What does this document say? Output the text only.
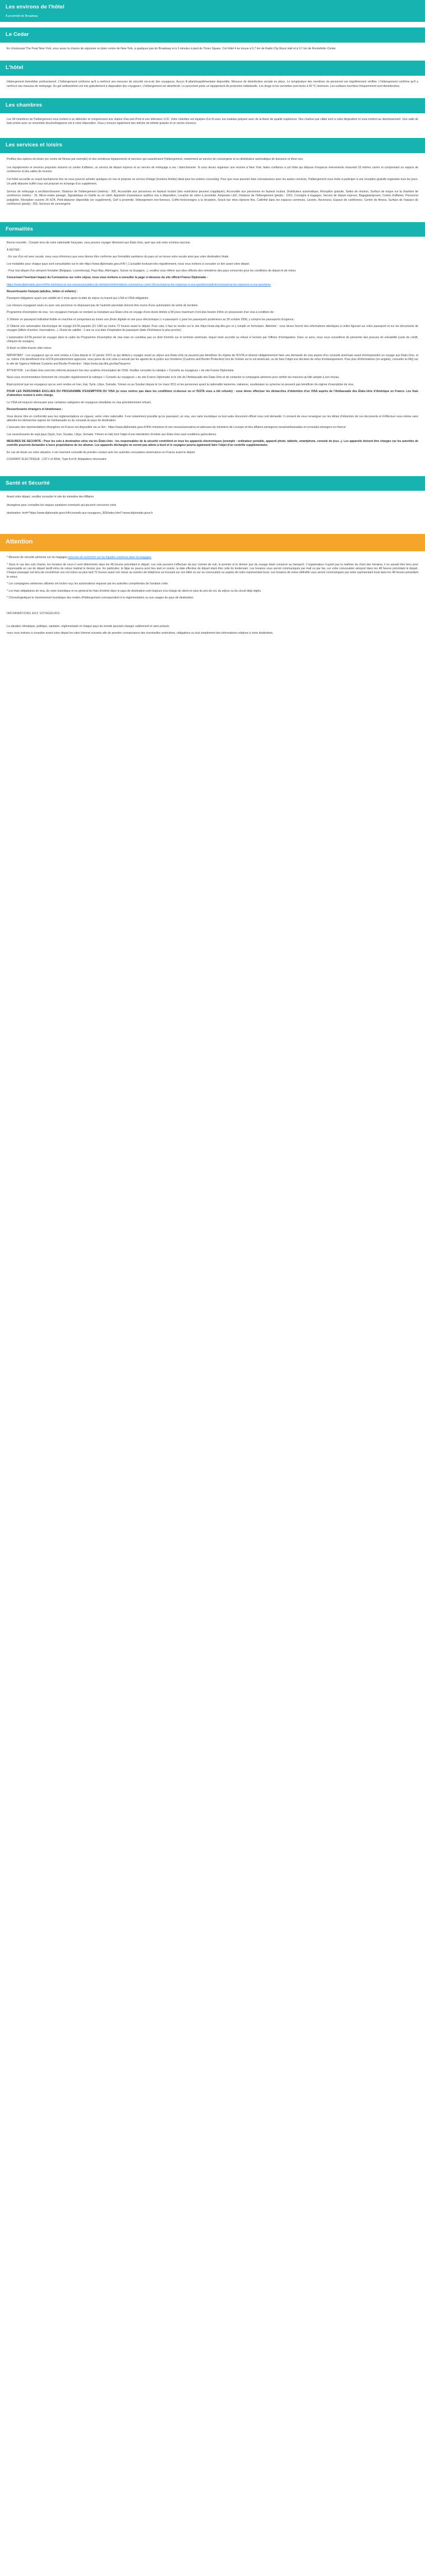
Les environs de l'hôtel
À proximité de Broadway
Le Cedar

En choisissant The Pearl New York, vous aurez la chance de séjourner en plein centre de New York, à quelques pas de Broadway et à 3 minutes à pied de Times Square. Cet hôtel 4 se trouve à 0,7 km de Radio City Music Hall et à 0,7 km de Rockefeller Center.

L'hôtel

Hébergement immobilier professionnel. L'hébergement conforme qu'il a renforcé ses mesures de sécurité vis-à-vis des voyageurs. Aucun lit pliant/supplémentaire disponible. Mesures de désinfection sociale en place. Le température des membres du personnel est régulièrement vérifiée. L'hébergement confirme qu'il a renforcé ses mesures de nettoyage. Du gel antibactérien est mis gratuitement à disposition des voyageurs. L'hébergement est désinfecté. Le personnel porte un équipement de protection individuelle. Les drags et les serviettes sont lavés à 60 °C minimum. Les surfaces touchées fréquemment sont désinfectées.

Les chambres

Les 94 chambres de l'hébergement vous invitent à se détendre et comprennent une station d'accueil iPod et une télévision LCD. Votre chambre est équipée d'un lit avec sur-matelas préparé avec de la literie de qualité supérieure. Des chaînes par câble sont à votre disposition et vous invitent au divertissement. Une salle de bain privée avec un ensemble douche/baignoire est à votre disposition. Vous y trouvez également des articles de toilette gratuits et un sèche-cheveux.

Les services et loisirs

Profitez des options de loisirs (un centre de fitness par exemple) et des nombreux équipements et services qui caractérisent l'hébergement, notamment un service de conciergerie et un distributeur automatique de boissons et dîner-ses.

Les équipements et services proposés incluent un centre d'affaires, un service de départ express et un service de nettoyage à sec / blanchisserie. Si vous devez organiser une réunion à New York, faites confiance à cet hôtel qui dispose d'espaces évènements mesurant 33 mètres carrés et comprenant un espace de conférence et des salles de réunion.

Cet hôtel accueille un snack bar/épicerie fine où vous pourrez acheter quelques en-cas et propose un service d'étage (horaires limités) idéal pour les soirées cocooning. Pour que vous puissiez faire connaissance avec les autres convives, l'hébergement vous invite à participer à une réception gratuite organisée tous les jours. Un petit déjeuner buffet vous est proposé en échange d'un supplément.

Service de nettoyage à sec/blanchisserie, Distance de l'hébergement (mètres) : 305, Accessible aux personnes en fauteuil roulant (des restrictions peuvent s'appliquer), Accessible aux personnes en fauteuil roulant, Distributeur automatique, Réception gratuite, Salles de réunion, Surface de risque sur la chambre de conférence (mètre) : 33, Micro-ondes partagé, Signalétique en braille ou en relief, Appareils d'assistance auditive mis à disposition, Location de vélos à proximité, Ampoules LED, Distance de l'hébergement (pieds) : 1001, Consigne à bagages, Service de départ express, Bagagiste/groom, Centre d'affaires, Personnel polyglotte, Réception ouverte 24 h/24, Petit-déjeuner disponible (en supplément), Golf à proximité, Hébergement non-fumeurs, Coffre-fort/consigne à la réception, Snack bar et/ou épicerie fine, Café/thé dans les espaces communs, Laverie, Ascenseur, Espace de conférence, Centre de fitness, Surface de l'espace de conférence (pieds) : 355, Services de conciergerie

Formalités

Bonne nouvelle : Compte tenu de votre nationalité française, vous pouvez voyager librement aux États-Unis, quel que soit votre schéma vaccinal.

À NOTER :

- En cas d'un vol avec escale, nous vous informons que vous devrez être conforme aux formalités sanitaires du pays où se trouve votre escale ainsi que votre destination finale.

Les modalités pour chaque pays sont consultables sur le site https://www.diplomatie.gouv.fr/fr/ ( L'actualité évoluant très régulièrement, nous vous invitons à consulter ce lien avant votre départ.

- Pour tout départ d'un aéroport frontalier (Belgique, Luxembourg), Pays-Bas, Allemagne, Suisse ou Espagne...), veuillez vous référer aux sites officiels des ministères des pays concernés pour les conditions de départ et de retour.

Concernant l'éventuel impact du Coronavirus sur votre séjour, nous vous invitons à consulter la page ci-dessous du site officiel France Diplomatie :

https://www.diplomatie.gouv.fr/fr/le-ministere-et-son-reseau/actualites-du-ministere/informations-coronavirus-covid-19/coronavirus-les-reponses-a-vos-questions/article/coronavirus-les-reponses-a-vos-questions

Ressortissants français (adultes, bébés et enfants) :

Passeport obligatoire ayant une validité de 6 mois après la date du séjour ou transit aux USA et VISA obligatoire.

Les mineurs voyageant seuls ou avec une personne ne disposant pas de l'autorité parentale doivent être munis d'une autorisation de sortie de territoire.

Programme d'exemption de visa : les voyageurs français se rendant ou transitant aux États-Unis en voyage d'une durée limitée à 90 jours maximum n'ont plus besoin d'être en possession d'un visa à condition de :

1/ Détenir un passeport individuel lisible en machine et comportant au moins une photo digitale et une puce électronique (« e-passeport ») pour les passeports postérieurs au 26 octobre 2006, y compris les passeports d'urgence;

2/ Obtenir une autorisation électronique de voyage ESTA payante (21 USD au moins 72 heures avant le départ. Pour cela, il faut se rendre sur le site https://esta.cbp.dhs.gov et y remplir un formulaire. Attention : vous devez fournir des informations identiques à celles figurant sur votre passeport et sur les documents de voyages (billets d'avions, réservations...). Durée de validité : 2 ans ou à la date d'expiration du passeport (date d'échéance la plus proche).

L'autorisation ESTA permet de voyager dans le cadre du Programme d'exemption de visa mais ne constitue pas un droit d'entrée sur le territoire américain, lequel reste accordé ou refusé à l'arrivée par l'officier d'immigration. Dans ce sens, nous vous conseillons de présenter des preuves de solvabilité (carte de crédit, chèques de voyages).

3/ Avoir un billet d'avion aller-retour.

IMPORTANT : Les voyageurs qui se sont rendus à Cuba depuis le 12 janvier 2021 ou qui détient y voyager avant un séjour aux États-Unis ne peuvent pas bénéficier du régime de l'ESTA et doivent obligatoirement faire une demande de visa auprès d'un consulat américain avant d'entreprendre un voyage aux États-Unis, et ce, même s'ils bénéficient d'un ESTA précédemment approuvé, sous peine de voir celui-ci annulé par les agents de la police aux frontières (Customs and Border Protection) lors de l'entrée sur le sol américain, ou de faire l'objet une décision de refus d'embarquement. Pour plus d'informations (en anglais), consulter la FAQ sur le site de l'agence fédérale Customs and Border Protection : https://esta.cbp.dhs.gov/faq?lang=en.

ATTENTION : Les États-Unis sont très réformé plusieurs fois leur système d'exemption de VISA. Veuillez consulter la rubrique « Conseils au voyageurs » du site France Diplomatie.

Nous vous recommandons fortement de consulter régulièrement la rubrique « Conseils au voyageurs » du site France Diplomatie et le site de l'Ambassade des États-Unis et de contacter la compagnie aérienne pour vérifier les mesures qu'elle adopte à son niveau.

Étant précisé que les voyageurs qui se sont rendus en Iran, Irak, Syrie, Libye, Somalie, Yémen ou au Soudan depuis le 1er mars 2011 et les personnes ayant la nationalité iranienne, irakienne, soudanaise ou syrienne ne peuvent pas bénéficier du régime d'exemption de visa.

POUR LES PERSONNES EXCLUES DU PROGRAMME D'EXEMPTION DU VISA (si vous rentrez pas dans les conditions ci-dessus ou si l'ESTA vous a été refusée) : vous devez effectuer les démarches d'obtention d'un VISA auprès de l'Ambassade des États-Unis d'Amérique en France. Les frais d'obtention restent à votre charge.

Le VISA est toujours nécessaire pour certaines catégories de voyageurs (étudiants ou visa précédemment refusé).

Ressortissants étrangers et binationaux :

Vous devrez être en conformité avec les réglementations en vigueur, selon votre nationalité. Il est notamment possible qu'un passeport, un visa, une carte touristique ou tout autre document officiel vous soit demandé. Il convient de vous renseigner sur les délais d'obtention de ces documents et d'effectuer vous-même sans attendre les démarches auprès de l'ambassade ou du consulat du pays de destination.

L'annuaire des représentations étrangères en France est disponible via ce lien : https://www.diplomatie.gouv.fr/fr/le-ministere-et-son-reseau/annuaires-et-adresses-du-ministere-de-l-europe-et-des-affaires-etrangeres-meae/ambassades-et-consulats-etrangers-en-france/

Les ressortissants de sept pays (Syrie, Iran, Soudan, Libye, Somalie, Yémen et Irak) font l'objet d'une interdiction d'entrée aux États-Unis sauf conditions particulières.

MESURES DE SECURITE : Pour les vols à destination et/ou via les États-Unis : les responsables de la sécurité contrôlent en tous les appareils électroniques (exemple : ordinateur portable, appareil photo, tablette, smartphone, console de jeux...). Les appareils doivent être chargés car les autorités de contrôle pourront demander à leurs propriétaires de les allumer. Les appareils déchargés ne seront pas admis à bord et le voyageur pourra également faire l'objet d'un contrôle supplémentaire.

En cas de doute sur votre situation, il est vivement conseillé de prendre contact avec les autorités consulaires américaines en France avant le départ.

COURANT ELECTRIQUE : 120 V et 60Hz. Type A et B. Adaptateur nécessaire.

Santé et Sécurité

Avant votre départ, veuillez consulter le site du ministère des Affaires

étrangères pour connaître les risques sanitaires éventuels qui peuvent concerner votre

destination: href="https://www.diplomatie.gouv.fr/fr/conseils-aux-voyageurs_909/index.html">www.diplomatie.gouv.fr

Attention

* Mesures de sécurité aérienne sur les bagages mesures de restriction sur les liquides contenus dans les bagages

* Dans le cas des vols charter, les horaires de ceux-ci sont déterminés dans les 48 heures précédant le départ. Les vols peuvent s'effectuer de jour comme de nuit, le premier et le dernier jour du voyage étant consacré au transport. L'organisateur n'ayant pas la maîtrise du choix des horaires, il ne saurait être tenu pour responsable en cas de départ tardif et/ou de retour matinal le dernier jour. En particulier, le litige ne pourra avoir lieu tard en soirée, la date effective de départ étant être celle du lendemain. Les horaires vous seront communiqués par mail ou par fax, sur votre convocation aéroport dans les 48 heures précédant le départ. Chaque passager est tenu de reconfirmer son vol retour au plus tard 72 heures avant son retour au numéro de téléphone se trouvant sur son billet ou sur sa convocation ou auprès de notre représentant local. Les horaires de retour définitifs vous seront communiqués par notre représentant local dans les 48 heures précédant le retour.

* Les compagnies aériennes utilisées ont toutes reçu les autorisations requises par les autorités compétentes de l'aviation civile.

* Les frais obligatoires de visa, de carte touristique et en général les frais d'entrée dans le pays de destination sont toujours à la charge du client en plus du prix du vol, du séjour ou du circuit déjà réglés.

* Chronologistiquet le cheminement touristique des modes d'hébergement correspondent à la réglementation ou aux usages du pays de destination.

INFORMATIONS AUX VOYAGEURS:

La situation climatique, politique, sanitaire, réglementaire et chaque pays du monde pouvant changer subitement et sans préavis

nous vous invitons à consulter avant votre départ les sites Internet suivants afin de prendre connaissance des éventuelles restrictions, obligations ou tout simplement des informations relatives à votre destination.
